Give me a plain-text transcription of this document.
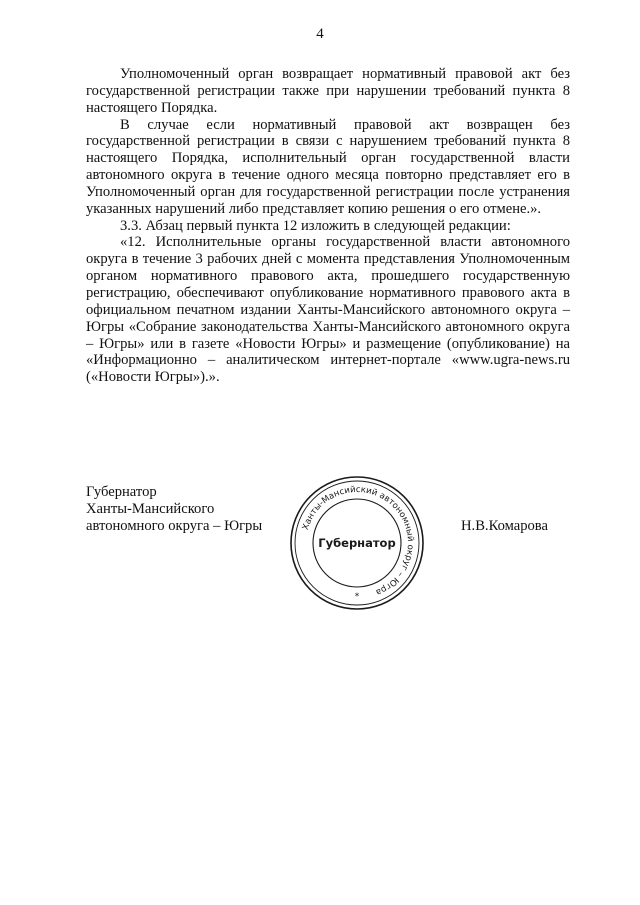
4

Уполномоченный орган возвращает нормативный правовой акт без государственной регистрации также при нарушении требований пункта 8 настоящего Порядка.

В случае если нормативный правовой акт возвращен без государственной регистрации в связи с нарушением требований пункта 8 настоящего Порядка, исполнительный орган государственной власти автономного округа в течение одного месяца повторно представляет его в Уполномоченный орган для государственной регистрации после устранения указанных нарушений либо представляет копию решения о его отмене.».

3.3. Абзац первый пункта 12 изложить в следующей редакции:

«12. Исполнительные органы государственной власти автономного округа в течение 3 рабочих дней с момента представления Уполномоченным органом нормативного правового акта, прошедшего государственную регистрацию, обеспечивают опубликование нормативного правового акта в официальном печатном издании Ханты-Мансийского автономного округа – Югры «Собрание законодательства Ханты-Мансийского автономного округа – Югры» или в газете «Новости Югры» и размещение (опубликование) на «Информационно – аналитическом интернет-портале «www.ugra-news.ru («Новости Югры»).».

Губернатор
Ханты-Мансийского
автономного округа – Югры	Ханты-Мансийский автономный округ – Югра
Губернатор
*
Н.В.Комарова
